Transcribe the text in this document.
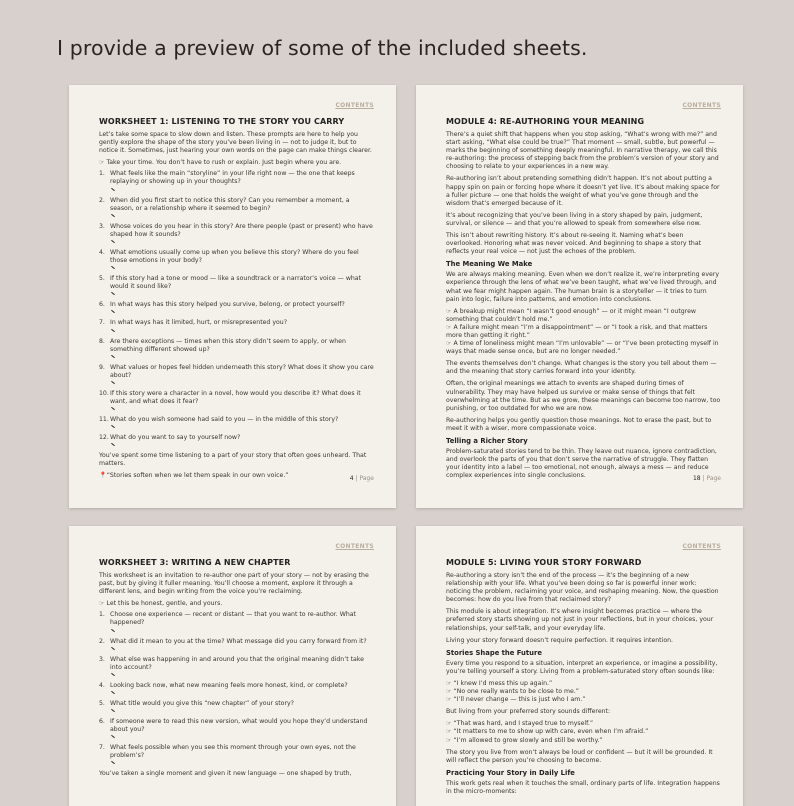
I provide a preview of some of the included sheets.
CONTENTS
WORKSHEET 1: LISTENING TO THE STORY YOU CARRY

Let’s take some space to slow down and listen. These prompts are here to help you gently explore the shape of the story you’ve been living in — not to judge it, but to notice it. Sometimes, just hearing your own words on the page can make things clearer.

☞ Take your time. You don’t have to rush or explain. Just begin where you are.

1. What feels like the main “storyline” in your life right now — the one that keeps replaying or showing up in your thoughts?
2. When did you first start to notice this story? Can you remember a moment, a season, or a relationship where it seemed to begin?
3. Whose voices do you hear in this story? Are there people (past or present) who have shaped how it sounds?
4. What emotions usually come up when you believe this story? Where do you feel those emotions in your body?
5. If this story had a tone or mood — like a soundtrack or a narrator’s voice — what would it sound like?
6. In what ways has this story helped you survive, belong, or protect yourself?
7. In what ways has it limited, hurt, or misrepresented you?
8. Are there exceptions — times when this story didn’t seem to apply, or when something different showed up?
9. What values or hopes feel hidden underneath this story? What does it show you care about?
10. If this story were a character in a novel, how would you describe it? What does it want, and what does it fear?
11. What do you wish someone had said to you — in the middle of this story?
12. What do you want to say to yourself now?

You’ve spent some time listening to a part of your story that often goes unheard. That matters.

📍“Stories soften when we let them speak in our own voice.”	4 | Page
CONTENTS
MODULE 4: RE-AUTHORING YOUR MEANING

There’s a quiet shift that happens when you stop asking, “What’s wrong with me?” and start asking, “What else could be true?” That moment — small, subtle, but powerful — marks the beginning of something deeply meaningful. In narrative therapy, we call this re-authoring: the process of stepping back from the problem’s version of your story and choosing to relate to your experiences in a new way.

Re-authoring isn’t about pretending something didn’t happen. It’s not about putting a happy spin on pain or forcing hope where it doesn’t yet live. It’s about making space for a fuller picture — one that holds the weight of what you’ve gone through and the wisdom that’s emerged because of it.

It’s about recognizing that you’ve been living in a story shaped by pain, judgment, survival, or silence — and that you’re allowed to speak from somewhere else now.

This isn’t about rewriting history. It’s about re-seeing it. Naming what’s been overlooked. Honoring what was never voiced. And beginning to shape a story that reflects your real voice — not just the echoes of the problem.

The Meaning We Make

We are always making meaning. Even when we don’t realize it, we’re interpreting every experience through the lens of what we’ve been taught, what we’ve lived through, and what we fear might happen again. The human brain is a storyteller — it tries to turn pain into logic, failure into patterns, and emotion into conclusions.

☞ A breakup might mean “I wasn’t good enough” — or it might mean “I outgrew something that couldn’t hold me.”

☞ A failure might mean “I’m a disappointment” — or “I took a risk, and that matters more than getting it right.”

☞ A time of loneliness might mean “I’m unlovable” — or “I’ve been protecting myself in ways that made sense once, but are no longer needed.”

The events themselves don’t change. What changes is the story you tell about them — and the meaning that story carries forward into your identity.

Often, the original meanings we attach to events are shaped during times of vulnerability. They may have helped us survive or make sense of things that felt overwhelming at the time. But as we grow, these meanings can become too narrow, too punishing, or too outdated for who we are now.

Re-authoring helps you gently question those meanings. Not to erase the past, but to meet it with a wiser, more compassionate voice.

Telling a Richer Story

Problem-saturated stories tend to be thin. They leave out nuance, ignore contradiction, and overlook the parts of you that don’t serve the narrative of struggle. They flatten your identity into a label — too emotional, not enough, always a mess — and reduce complex experiences into single conclusions.	18 | Page
CONTENTS
WORKSHEET 3: WRITING A NEW CHAPTER

This worksheet is an invitation to re-author one part of your story — not by erasing the past, but by giving it fuller meaning. You’ll choose a moment, explore it through a different lens, and begin writing from the voice you’re reclaiming.

☞ Let this be honest, gentle, and yours.

1. Choose one experience — recent or distant — that you want to re-author. What happened?
2. What did it mean to you at the time? What message did you carry forward from it?
3. What else was happening in and around you that the original meaning didn’t take into account?
4. Looking back now, what new meaning feels more honest, kind, or complete?
5. What title would you give this “new chapter” of your story?
6. If someone were to read this new version, what would you hope they’d understand about you?
7. What feels possible when you see this moment through your own eyes, not the problem’s?

You’ve taken a single moment and given it new language — one shaped by truth,

CONTENTS
MODULE 5: LIVING YOUR STORY FORWARD

Re-authoring a story isn’t the end of the process — it’s the beginning of a new relationship with your life. What you’ve been doing so far is powerful inner work: noticing the problem, reclaiming your voice, and reshaping meaning. Now, the question becomes: how do you live from that reclaimed story?

This module is about integration. It’s where insight becomes practice — where the preferred story starts showing up not just in your reflections, but in your choices, your relationships, your self-talk, and your everyday life.

Living your story forward doesn’t require perfection. It requires intention.

Stories Shape the Future

Every time you respond to a situation, interpret an experience, or imagine a possibility, you’re telling yourself a story. Living from a problem-saturated story often sounds like:

☞ “I knew I’d mess this up again.”

☞ “No one really wants to be close to me.”

☞ “I’ll never change — this is just who I am.”

But living from your preferred story sounds different:

☞ “That was hard, and I stayed true to myself.”

☞ “It matters to me to show up with care, even when I’m afraid.”

☞ “I’m allowed to grow slowly and still be worthy.”

The story you live from won’t always be loud or confident — but it will be grounded. It will reflect the person you’re choosing to become.

Practicing Your Story in Daily Life

This work gets real when it touches the small, ordinary parts of life. Integration happens in the micro-moments:
